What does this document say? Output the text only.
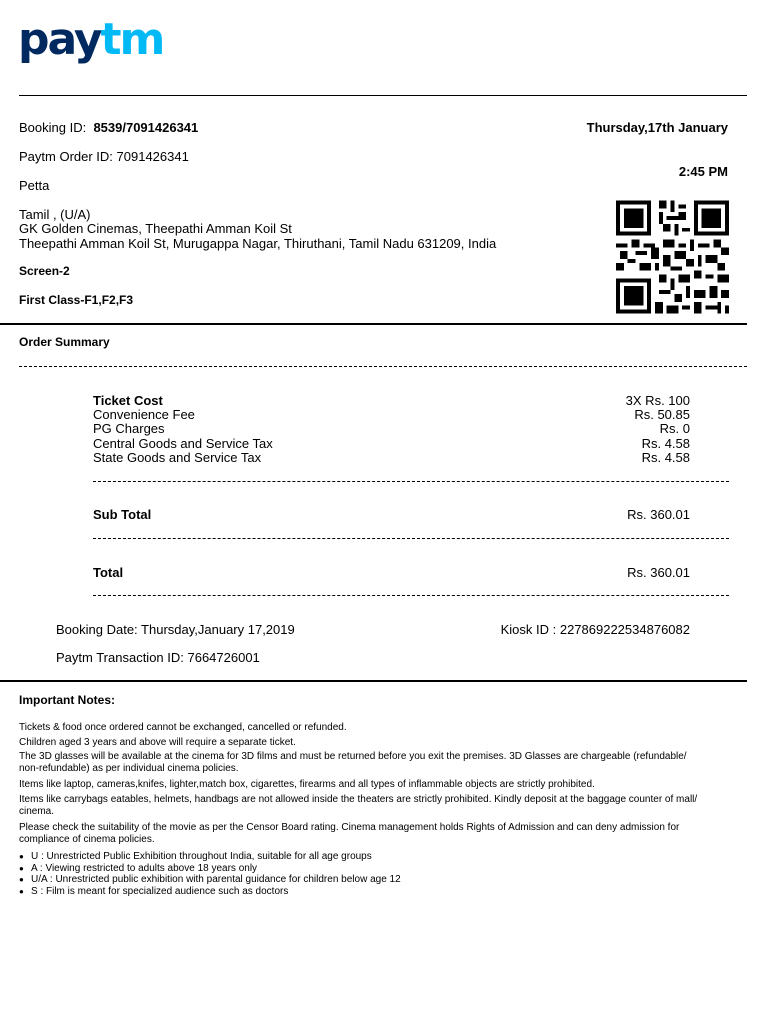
paytm
Booking ID: 8539/7091426341	Thursday,17th January
Paytm Order ID: 7091426341
2:45 PM
Petta
Tamil , (U/A)
GK Golden Cinemas, Theepathi Amman Koil St
Theepathi Amman Koil St, Murugappa Nagar, Thiruthani, Tamil Nadu 631209, India
Screen-2
First Class-F1,F2,F3
Order Summary
Ticket Cost	3X Rs. 100
Convenience Fee	Rs. 50.85
PG Charges	Rs. 0
Central Goods and Service Tax	Rs. 4.58
State Goods and Service Tax	Rs. 4.58
Sub Total	Rs. 360.01
Total	Rs. 360.01
Booking Date: Thursday,January 17,2019	Kiosk ID : 227869222534876082
Paytm Transaction ID: 7664726001
Important Notes:

Tickets & food once ordered cannot be exchanged, cancelled or refunded.

Children aged 3 years and above will require a separate ticket.

The 3D glasses will be available at the cinema for 3D films and must be returned before you exit the premises. 3D Glasses are chargeable (refundable/ non-refundable) as per individual cinema policies.

Items like laptop, cameras,knifes, lighter,match box, cigarettes, firearms and all types of inflammable objects are strictly prohibited.

Items like carrybags eatables, helmets, handbags are not allowed inside the theaters are strictly prohibited. Kindly deposit at the baggage counter of mall/ cinema.

Please check the suitability of the movie as per the Censor Board rating. Cinema management holds Rights of Admission and can deny admission for compliance of cinema policies.

● U : Unrestricted Public Exhibition throughout India, suitable for all age groups
● A : Viewing restricted to adults above 18 years only
● U/A : Unrestricted public exhibition with parental guidance for children below age 12
● S : Film is meant for specialized audience such as doctors
